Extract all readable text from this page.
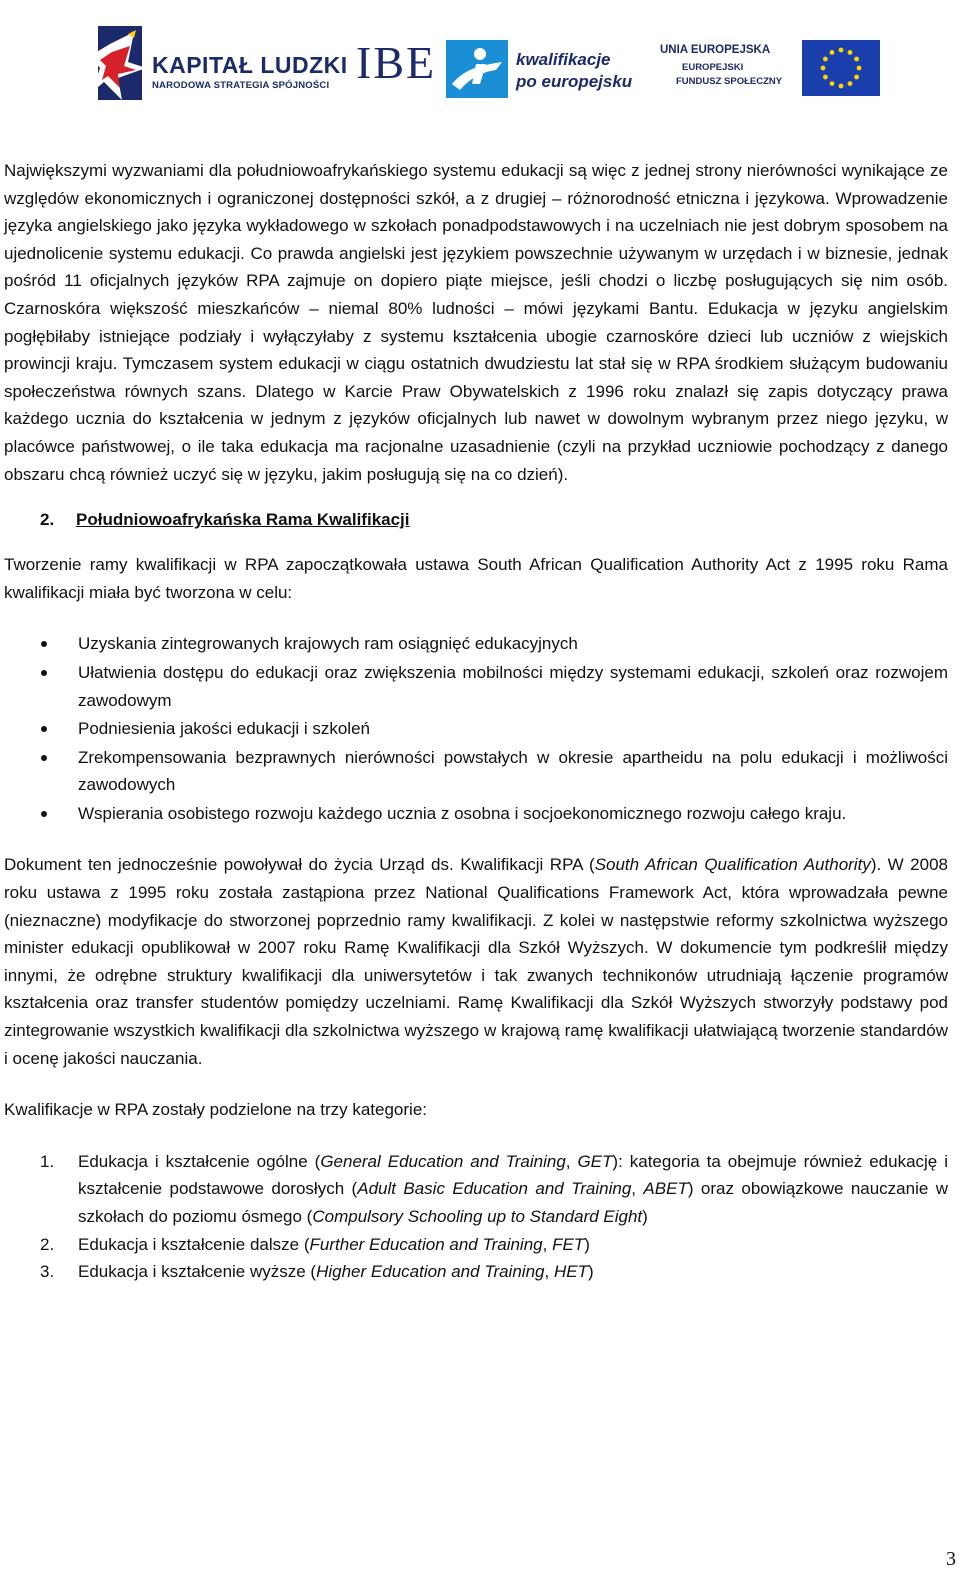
KAPITAŁ LUDZKI
NARODOWA STRATEGIA SPÓJNOŚCI IBE	kwalifikacje
po europejsku
UNIA EUROPEJSKA
EUROPEJSKI
FUNDUSZ SPOŁECZNY

Największymi wyzwaniami dla południowoafrykańskiego systemu edukacji są więc z jednej strony nierówności wynikające ze względów ekonomicznych i ograniczonej dostępności szkół, a z drugiej – różnorodność etniczna i językowa. Wprowadzenie języka angielskiego jako języka wykładowego w szkołach ponadpodstawowych i na uczelniach nie jest dobrym sposobem na ujednolicenie systemu edukacji. Co prawda angielski jest językiem powszechnie używanym w urzędach i w biznesie, jednak pośród 11 oficjalnych języków RPA zajmuje on dopiero piąte miejsce, jeśli chodzi o liczbę posługujących się nim osób. Czarnoskóra większość mieszkańców – niemal 80% ludności – mówi językami Bantu. Edukacja w języku angielskim pogłębiłaby istniejące podziały i wyłączyłaby z systemu kształcenia ubogie czarnoskóre dzieci lub uczniów z wiejskich prowincji kraju. Tymczasem system edukacji w ciągu ostatnich dwudziestu lat stał się w RPA środkiem służącym budowaniu społeczeństwa równych szans. Dlatego w Karcie Praw Obywatelskich z 1996 roku znalazł się zapis dotyczący prawa każdego ucznia do kształcenia w jednym z języków oficjalnych lub nawet w dowolnym wybranym przez niego języku, w placówce państwowej, o ile taka edukacja ma racjonalne uzasadnienie (czyli na przykład uczniowie pochodzący z danego obszaru chcą również uczyć się w języku, jakim posługują się na co dzień).

2. Południowoafrykańska Rama Kwalifikacji

Tworzenie ramy kwalifikacji w RPA zapoczątkowała ustawa South African Qualification Authority Act z 1995 roku Rama kwalifikacji miała być tworzona w celu:

Uzyskania zintegrowanych krajowych ram osiągnięć edukacyjnych
Ułatwienia dostępu do edukacji oraz zwiększenia mobilności między systemami edukacji, szkoleń oraz rozwojem zawodowym
Podniesienia jakości edukacji i szkoleń
Zrekompensowania bezprawnych nierówności powstałych w okresie apartheidu na polu edukacji i możliwości zawodowych
Wspierania osobistego rozwoju każdego ucznia z osobna i socjoekonomicznego rozwoju całego kraju.

Dokument ten jednocześnie powoływał do życia Urząd ds. Kwalifikacji RPA (South African Qualification Authority). W 2008 roku ustawa z 1995 roku została zastąpiona przez National Qualifications Framework Act, która wprowadzała pewne (nieznaczne) modyfikacje do stworzonej poprzednio ramy kwalifikacji. Z kolei w następstwie reformy szkolnictwa wyższego minister edukacji opublikował w 2007 roku Ramę Kwalifikacji dla Szkół Wyższych. W dokumencie tym podkreślił między innymi, że odrębne struktury kwalifikacji dla uniwersytetów i tak zwanych technikonów utrudniają łączenie programów kształcenia oraz transfer studentów pomiędzy uczelniami. Ramę Kwalifikacji dla Szkół Wyższych stworzyły podstawy pod zintegrowanie wszystkich kwalifikacji dla szkolnictwa wyższego w krajową ramę kwalifikacji ułatwiającą tworzenie standardów i ocenę jakości nauczania.

Kwalifikacje w RPA zostały podzielone na trzy kategorie:

1. Edukacja i kształcenie ogólne (General Education and Training, GET): kategoria ta obejmuje również edukację i kształcenie podstawowe dorosłych (Adult Basic Education and Training, ABET) oraz obowiązkowe nauczanie w szkołach do poziomu ósmego (Compulsory Schooling up to Standard Eight)
2. Edukacja i kształcenie dalsze (Further Education and Training, FET)
3. Edukacja i kształcenie wyższe (Higher Education and Training, HET)
3
